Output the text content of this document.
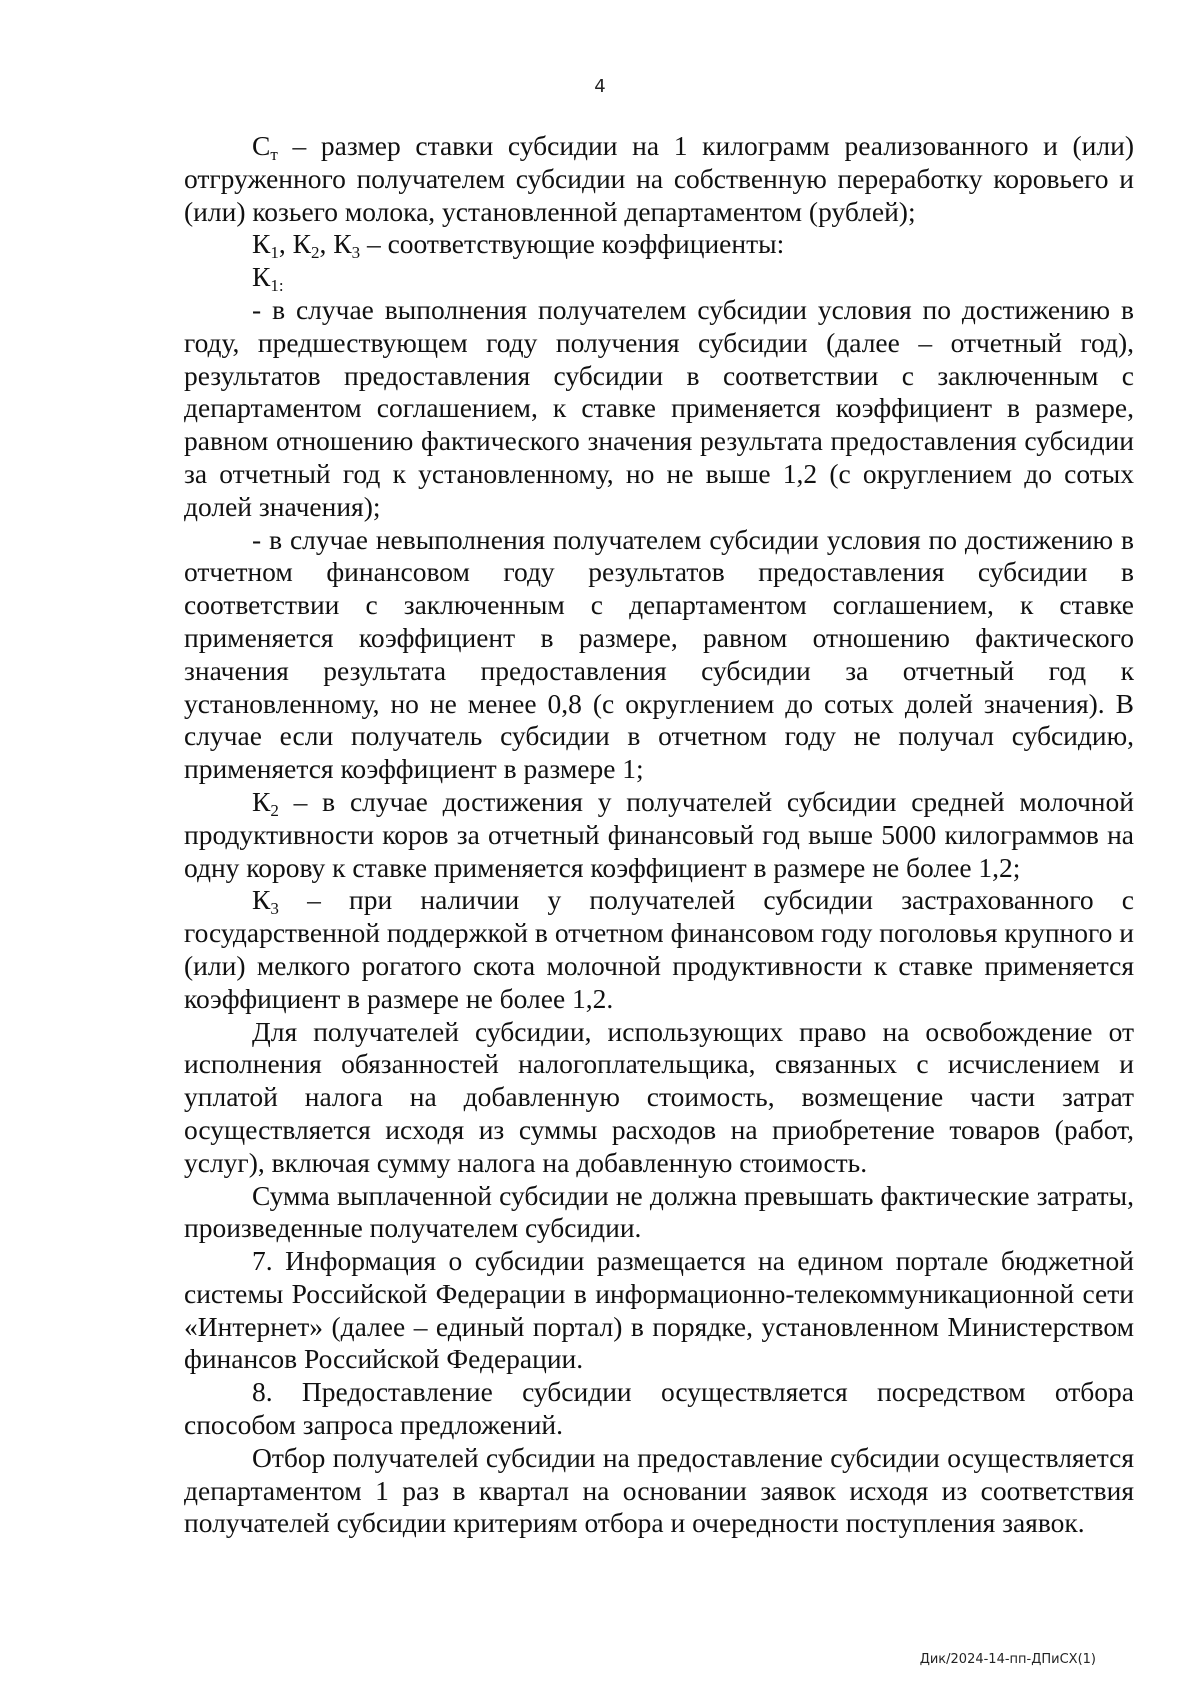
4

$С_т$ – размер ставки субсидии на 1 килограмм реализованного и (или) отгруженного получателем субсидии на собственную переработку коровьего и (или) козьего молока, установленной департаментом (рублей);

$К_1$, $К_2$, $К_3$ – соответствующие коэффициенты:

$К_{1:}$

- в случае выполнения получателем субсидии условия по достижению в году, предшествующем году получения субсидии (далее – отчетный год), результатов предоставления субсидии в соответствии с заключенным с департаментом соглашением, к ставке применяется коэффициент в размере, равном отношению фактического значения результата предоставления субсидии за отчетный год к установленному, но не выше 1,2 (с округлением до сотых долей значения);

- в случае невыполнения получателем субсидии условия по достижению в отчетном финансовом году результатов предоставления субсидии в соответствии с заключенным с департаментом соглашением, к ставке применяется коэффициент в размере, равном отношению фактического значения результата предоставления субсидии за отчетный год к установленному, но не менее 0,8 (с округлением до сотых долей значения). В случае если получатель субсидии в отчетном году не получал субсидию, применяется коэффициент в размере 1;

$К_2$ – в случае достижения у получателей субсидии средней молочной продуктивности коров за отчетный финансовый год выше 5000 килограммов на одну корову к ставке применяется коэффициент в размере не более 1,2;

$К_3$ – при наличии у получателей субсидии застрахованного с государственной поддержкой в отчетном финансовом году поголовья крупного и (или) мелкого рогатого скота молочной продуктивности к ставке применяется коэффициент в размере не более 1,2.

Для получателей субсидии, использующих право на освобождение от исполнения обязанностей налогоплательщика, связанных с исчислением и уплатой налога на добавленную стоимость, возмещение части затрат осуществляется исходя из суммы расходов на приобретение товаров (работ, услуг), включая сумму налога на добавленную стоимость.

Сумма выплаченной субсидии не должна превышать фактические затраты, произведенные получателем субсидии.

7. Информация о субсидии размещается на едином портале бюджетной системы Российской Федерации в информационно-телекоммуникационной сети «Интернет» (далее – единый портал) в порядке, установленном Министерством финансов Российской Федерации.

8. Предоставление субсидии осуществляется посредством отбора способом запроса предложений.

Отбор получателей субсидии на предоставление субсидии осуществляется департаментом 1 раз в квартал на основании заявок исходя из соответствия получателей субсидии критериям отбора и очередности поступления заявок.

Дик/2024-14-пп-ДПиСХ(1)
